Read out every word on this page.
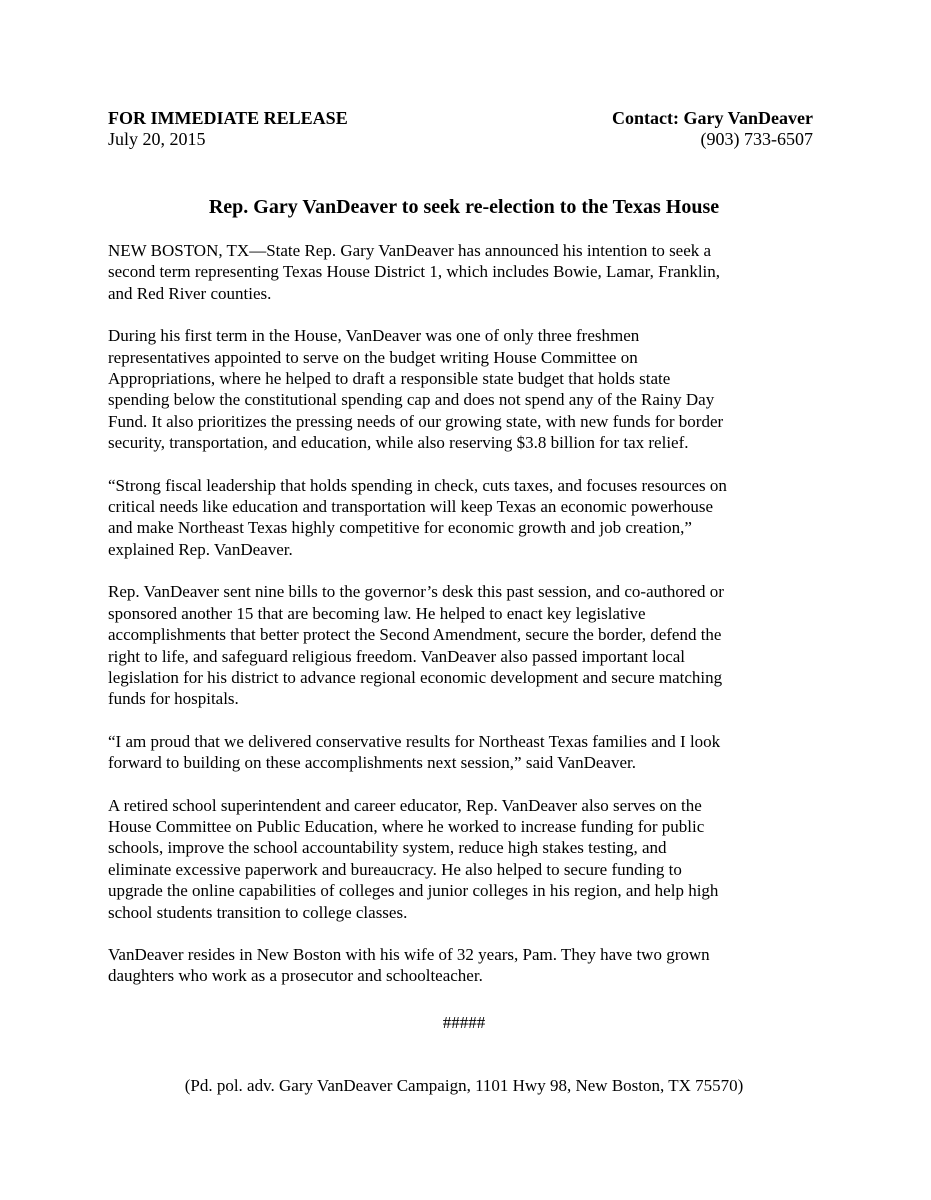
FOR IMMEDIATE RELEASE
July 20, 2015
Contact: Gary VanDeaver
(903) 733-6507
Rep. Gary VanDeaver to seek re-election to the Texas House

NEW BOSTON, TX—State Rep. Gary VanDeaver has announced his intention to seek a
second term representing Texas House District 1, which includes Bowie, Lamar, Franklin,
and Red River counties.

During his first term in the House, VanDeaver was one of only three freshmen
representatives appointed to serve on the budget writing House Committee on
Appropriations, where he helped to draft a responsible state budget that holds state
spending below the constitutional spending cap and does not spend any of the Rainy Day
Fund. It also prioritizes the pressing needs of our growing state, with new funds for border
security, transportation, and education, while also reserving $3.8 billion for tax relief.

“Strong fiscal leadership that holds spending in check, cuts taxes, and focuses resources on
critical needs like education and transportation will keep Texas an economic powerhouse
and make Northeast Texas highly competitive for economic growth and job creation,”
explained Rep. VanDeaver.

Rep. VanDeaver sent nine bills to the governor’s desk this past session, and co-authored or
sponsored another 15 that are becoming law. He helped to enact key legislative
accomplishments that better protect the Second Amendment, secure the border, defend the
right to life, and safeguard religious freedom. VanDeaver also passed important local
legislation for his district to advance regional economic development and secure matching
funds for hospitals.

“I am proud that we delivered conservative results for Northeast Texas families and I look
forward to building on these accomplishments next session,” said VanDeaver.

A retired school superintendent and career educator, Rep. VanDeaver also serves on the
House Committee on Public Education, where he worked to increase funding for public
schools, improve the school accountability system, reduce high stakes testing, and
eliminate excessive paperwork and bureaucracy. He also helped to secure funding to
upgrade the online capabilities of colleges and junior colleges in his region, and help high
school students transition to college classes.

VanDeaver resides in New Boston with his wife of 32 years, Pam. They have two grown
daughters who work as a prosecutor and schoolteacher.

#####
(Pd. pol. adv. Gary VanDeaver Campaign, 1101 Hwy 98, New Boston, TX 75570)
